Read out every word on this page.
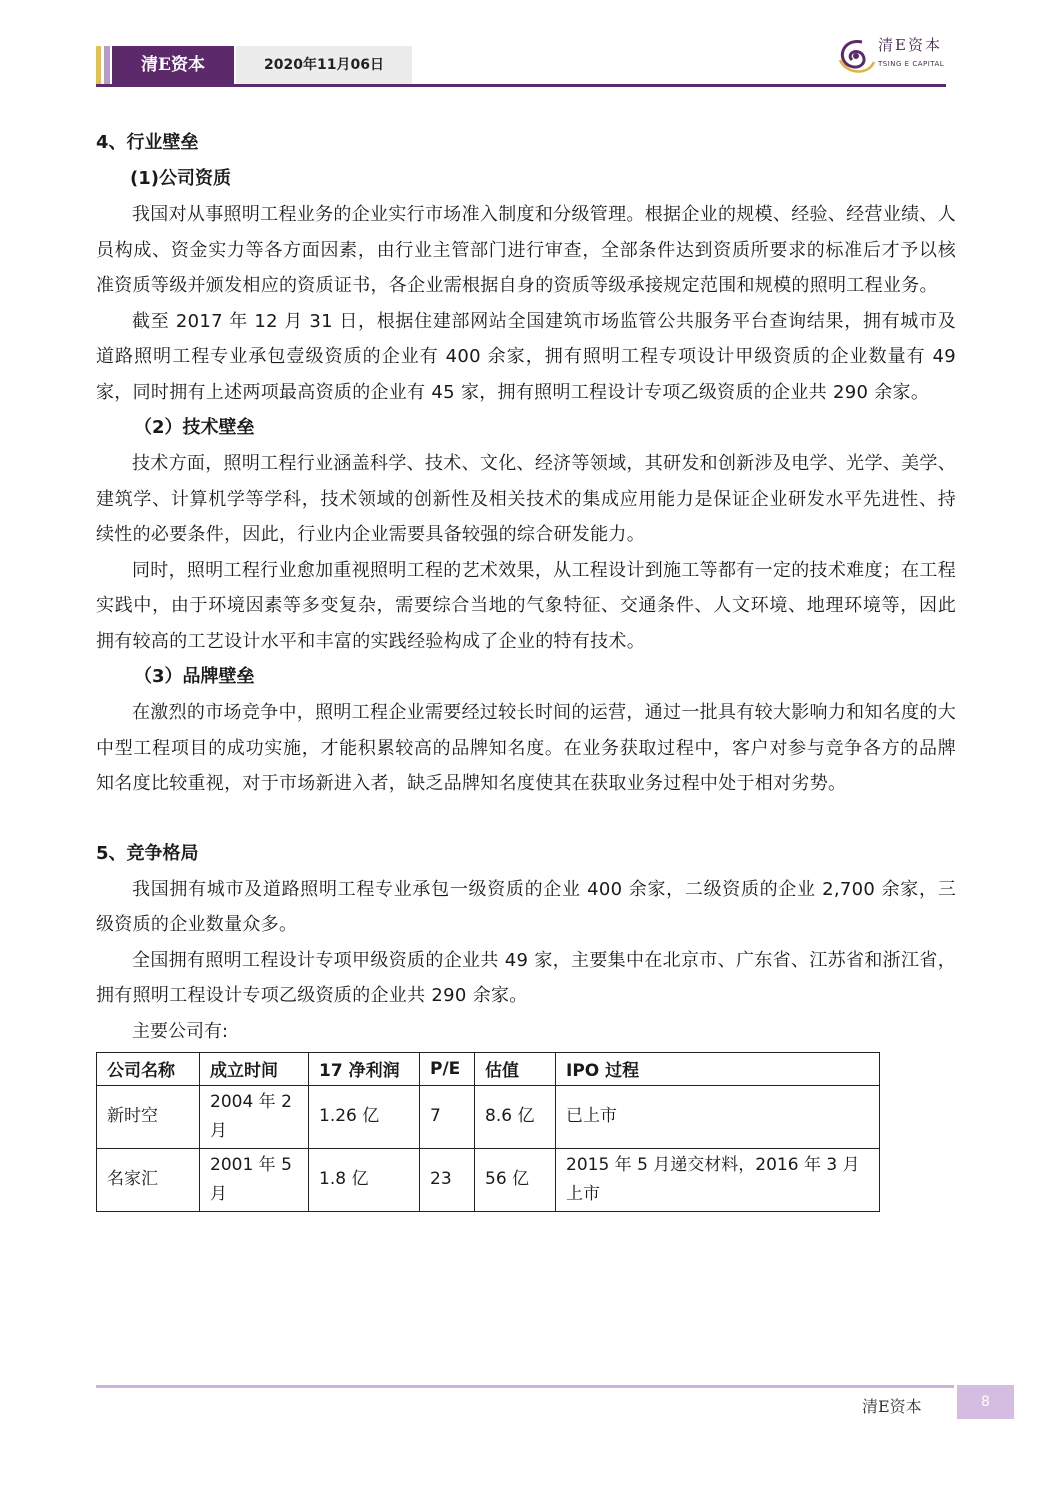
清E资本	2020年11月06日
清E资本
TSING E CAPITAL

4、行业壁垒

(1)公司资质

我国对从事照明工程业务的企业实行市场准入制度和分级管理。根据企业的规模、经验、经营业绩、人员构成、资金实力等各方面因素，由行业主管部门进行审查，全部条件达到资质所要求的标准后才予以核准资质等级并颁发相应的资质证书，各企业需根据自身的资质等级承接规定范围和规模的照明工程业务。

截至 2017 年 12 月 31 日，根据住建部网站全国建筑市场监管公共服务平台查询结果，拥有城市及道路照明工程专业承包壹级资质的企业有 400 余家，拥有照明工程专项设计甲级资质的企业数量有 49 家，同时拥有上述两项最高资质的企业有 45 家，拥有照明工程设计专项乙级资质的企业共 290 余家。

（2）技术壁垒

技术方面，照明工程行业涵盖科学、技术、文化、经济等领域，其研发和创新涉及电学、光学、美学、建筑学、计算机学等学科，技术领域的创新性及相关技术的集成应用能力是保证企业研发水平先进性、持续性的必要条件，因此，行业内企业需要具备较强的综合研发能力。

同时，照明工程行业愈加重视照明工程的艺术效果，从工程设计到施工等都有一定的技术难度；在工程实践中，由于环境因素等多变复杂，需要综合当地的气象特征、交通条件、人文环境、地理环境等，因此拥有较高的工艺设计水平和丰富的实践经验构成了企业的特有技术。

（3）品牌壁垒

在激烈的市场竞争中，照明工程企业需要经过较长时间的运营，通过一批具有较大影响力和知名度的大中型工程项目的成功实施，才能积累较高的品牌知名度。在业务获取过程中，客户对参与竞争各方的品牌知名度比较重视，对于市场新进入者，缺乏品牌知名度使其在获取业务过程中处于相对劣势。

5、竞争格局

我国拥有城市及道路照明工程专业承包一级资质的企业 400 余家，二级资质的企业 2,700 余家，三级资质的企业数量众多。

全国拥有照明工程设计专项甲级资质的企业共 49 家，主要集中在北京市、广东省、江苏省和浙江省，拥有照明工程设计专项乙级资质的企业共 290 余家。

主要公司有:

公司名称	成立时间	17 净利润	P/E	估值	IPO 过程
新时空	2004 年 2 月	1.26 亿	7	8.6 亿	已上市
名家汇	2001 年 5 月	1.8 亿	23	56 亿	2015 年 5 月递交材料，2016 年 3 月上市
清E资本	8
